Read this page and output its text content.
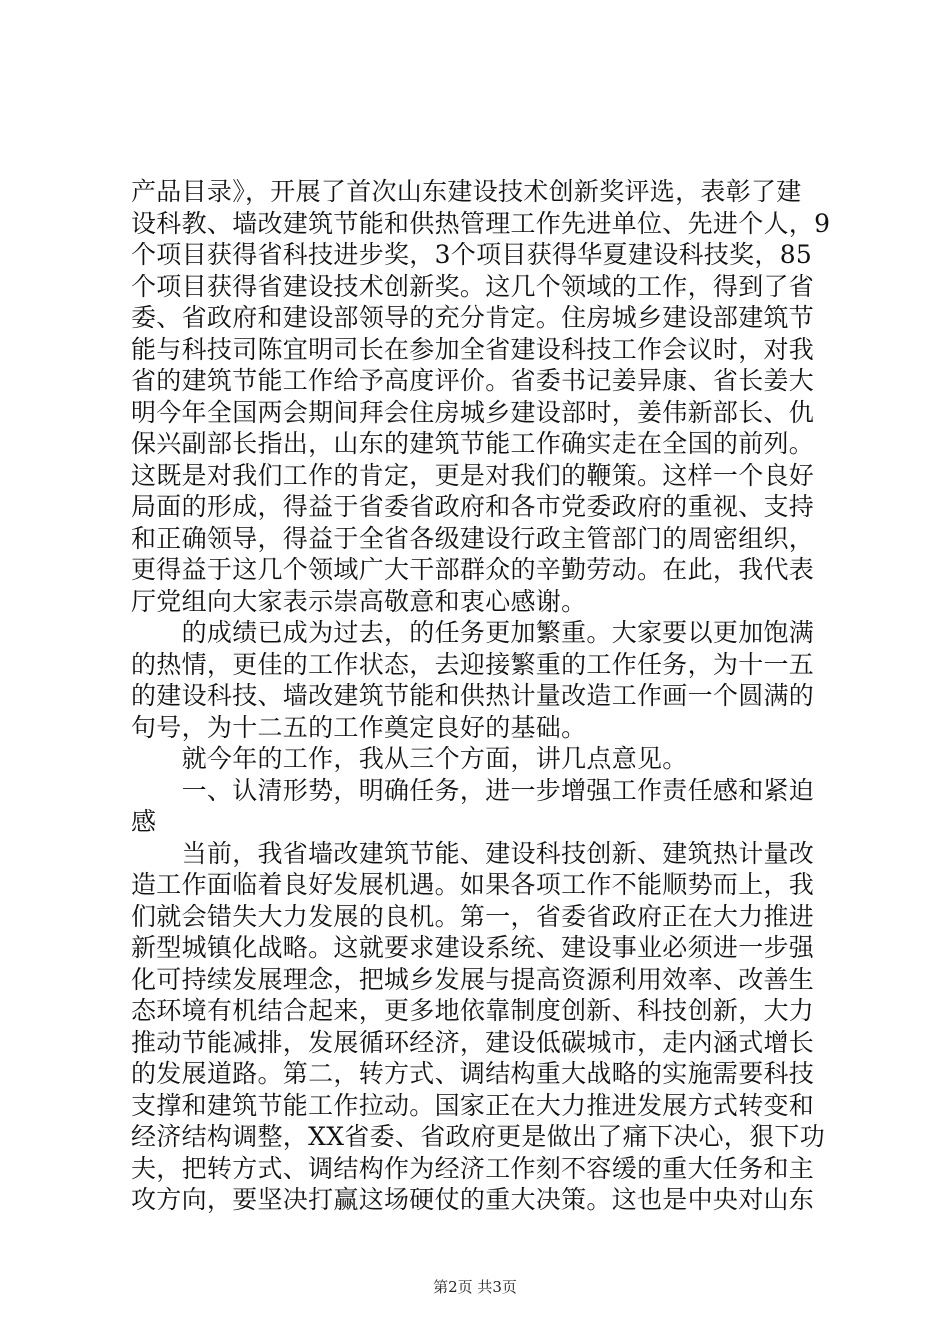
产品目录》，开展了首次山东建设技术创新奖评选，表彰了建
设科教、墙改建筑节能和供热管理工作先进单位、先进个人，9
个项目获得省科技进步奖，3个项目获得华夏建设科技奖，85
个项目获得省建设技术创新奖。这几个领域的工作，得到了省
委、省政府和建设部领导的充分肯定。住房城乡建设部建筑节
能与科技司陈宜明司长在参加全省建设科技工作会议时，对我
省的建筑节能工作给予高度评价。省委书记姜异康、省长姜大
明今年全国两会期间拜会住房城乡建设部时，姜伟新部长、仇
保兴副部长指出，山东的建筑节能工作确实走在全国的前列。
这既是对我们工作的肯定，更是对我们的鞭策。这样一个良好
局面的形成，得益于省委省政府和各市党委政府的重视、支持
和正确领导，得益于全省各级建设行政主管部门的周密组织，
更得益于这几个领域广大干部群众的辛勤劳动。在此，我代表
厅党组向大家表示崇高敬意和衷心感谢。
　　的成绩已成为过去，的任务更加繁重。大家要以更加饱满
的热情，更佳的工作状态，去迎接繁重的工作任务，为十一五
的建设科技、墙改建筑节能和供热计量改造工作画一个圆满的
句号，为十二五的工作奠定良好的基础。
　　就今年的工作，我从三个方面，讲几点意见。
　　一、认清形势，明确任务，进一步增强工作责任感和紧迫
感
　　当前，我省墙改建筑节能、建设科技创新、建筑热计量改
造工作面临着良好发展机遇。如果各项工作不能顺势而上，我
们就会错失大力发展的良机。第一，省委省政府正在大力推进
新型城镇化战略。这就要求建设系统、建设事业必须进一步强
化可持续发展理念，把城乡发展与提高资源利用效率、改善生
态环境有机结合起来，更多地依靠制度创新、科技创新，大力
推动节能减排，发展循环经济，建设低碳城市，走内涵式增长
的发展道路。第二，转方式、调结构重大战略的实施需要科技
支撑和建筑节能工作拉动。国家正在大力推进发展方式转变和
经济结构调整，XX省委、省政府更是做出了痛下决心，狠下功
夫，把转方式、调结构作为经济工作刻不容缓的重大任务和主
攻方向，要坚决打赢这场硬仗的重大决策。这也是中央对山东
第2页 共3页
